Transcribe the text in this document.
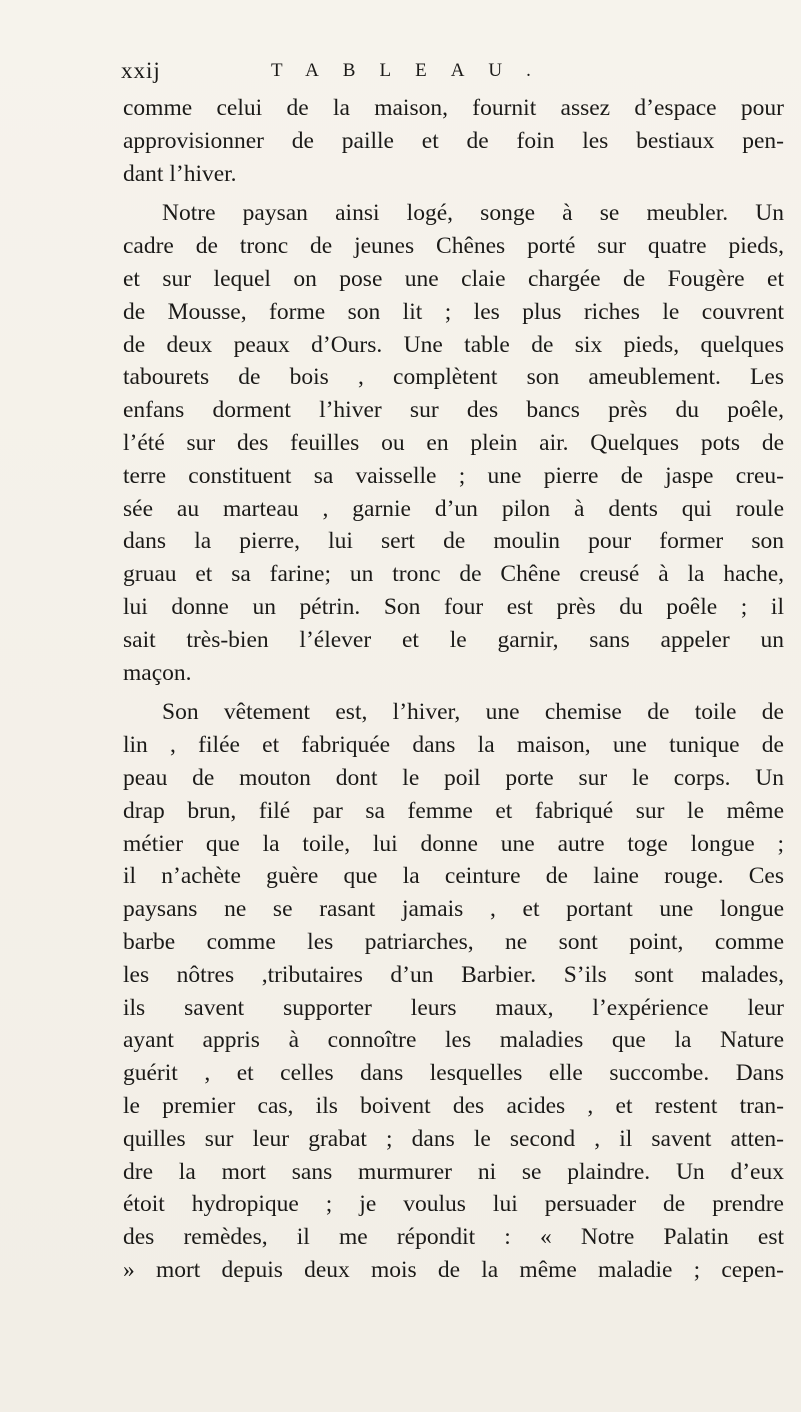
xxij	TABLEAU.
comme celui de la maison, fournit assez d’espace pour
approvisionner de paille et de foin les bestiaux pen-
dant l’hiver.
Notre paysan ainsi logé, songe à se meubler. Un
cadre de tronc de jeunes Chênes porté sur quatre pieds,
et sur lequel on pose une claie chargée de Fougère et
de Mousse, forme son lit ; les plus riches le couvrent
de deux peaux d’Ours. Une table de six pieds, quelques
tabourets de bois , complètent son ameublement. Les
enfans dorment l’hiver sur des bancs près du poêle,
l’été sur des feuilles ou en plein air. Quelques pots de
terre constituent sa vaisselle ; une pierre de jaspe creu-
sée au marteau , garnie d’un pilon à dents qui roule
dans la pierre, lui sert de moulin pour former son
gruau et sa farine; un tronc de Chêne creusé à la hache,
lui donne un pétrin. Son four est près du poêle ; il
sait très-bien l’élever et le garnir, sans appeler un
maçon.
Son vêtement est, l’hiver, une chemise de toile de
lin , filée et fabriquée dans la maison, une tunique de
peau de mouton dont le poil porte sur le corps. Un
drap brun, filé par sa femme et fabriqué sur le même
métier que la toile, lui donne une autre toge longue ;
il n’achète guère que la ceinture de laine rouge. Ces
paysans ne se rasant jamais , et portant une longue
barbe comme les patriarches, ne sont point, comme
les nôtres ,tributaires d’un Barbier. S’ils sont malades,
ils savent supporter leurs maux, l’expérience leur
ayant appris à connoître les maladies que la Nature
guérit , et celles dans lesquelles elle succombe. Dans
le premier cas, ils boivent des acides , et restent tran-
quilles sur leur grabat ; dans le second , il savent atten-
dre la mort sans murmurer ni se plaindre. Un d’eux
étoit hydropique ; je voulus lui persuader de prendre
des remèdes, il me répondit : « Notre Palatin est
» mort depuis deux mois de la même maladie ; cepen-
